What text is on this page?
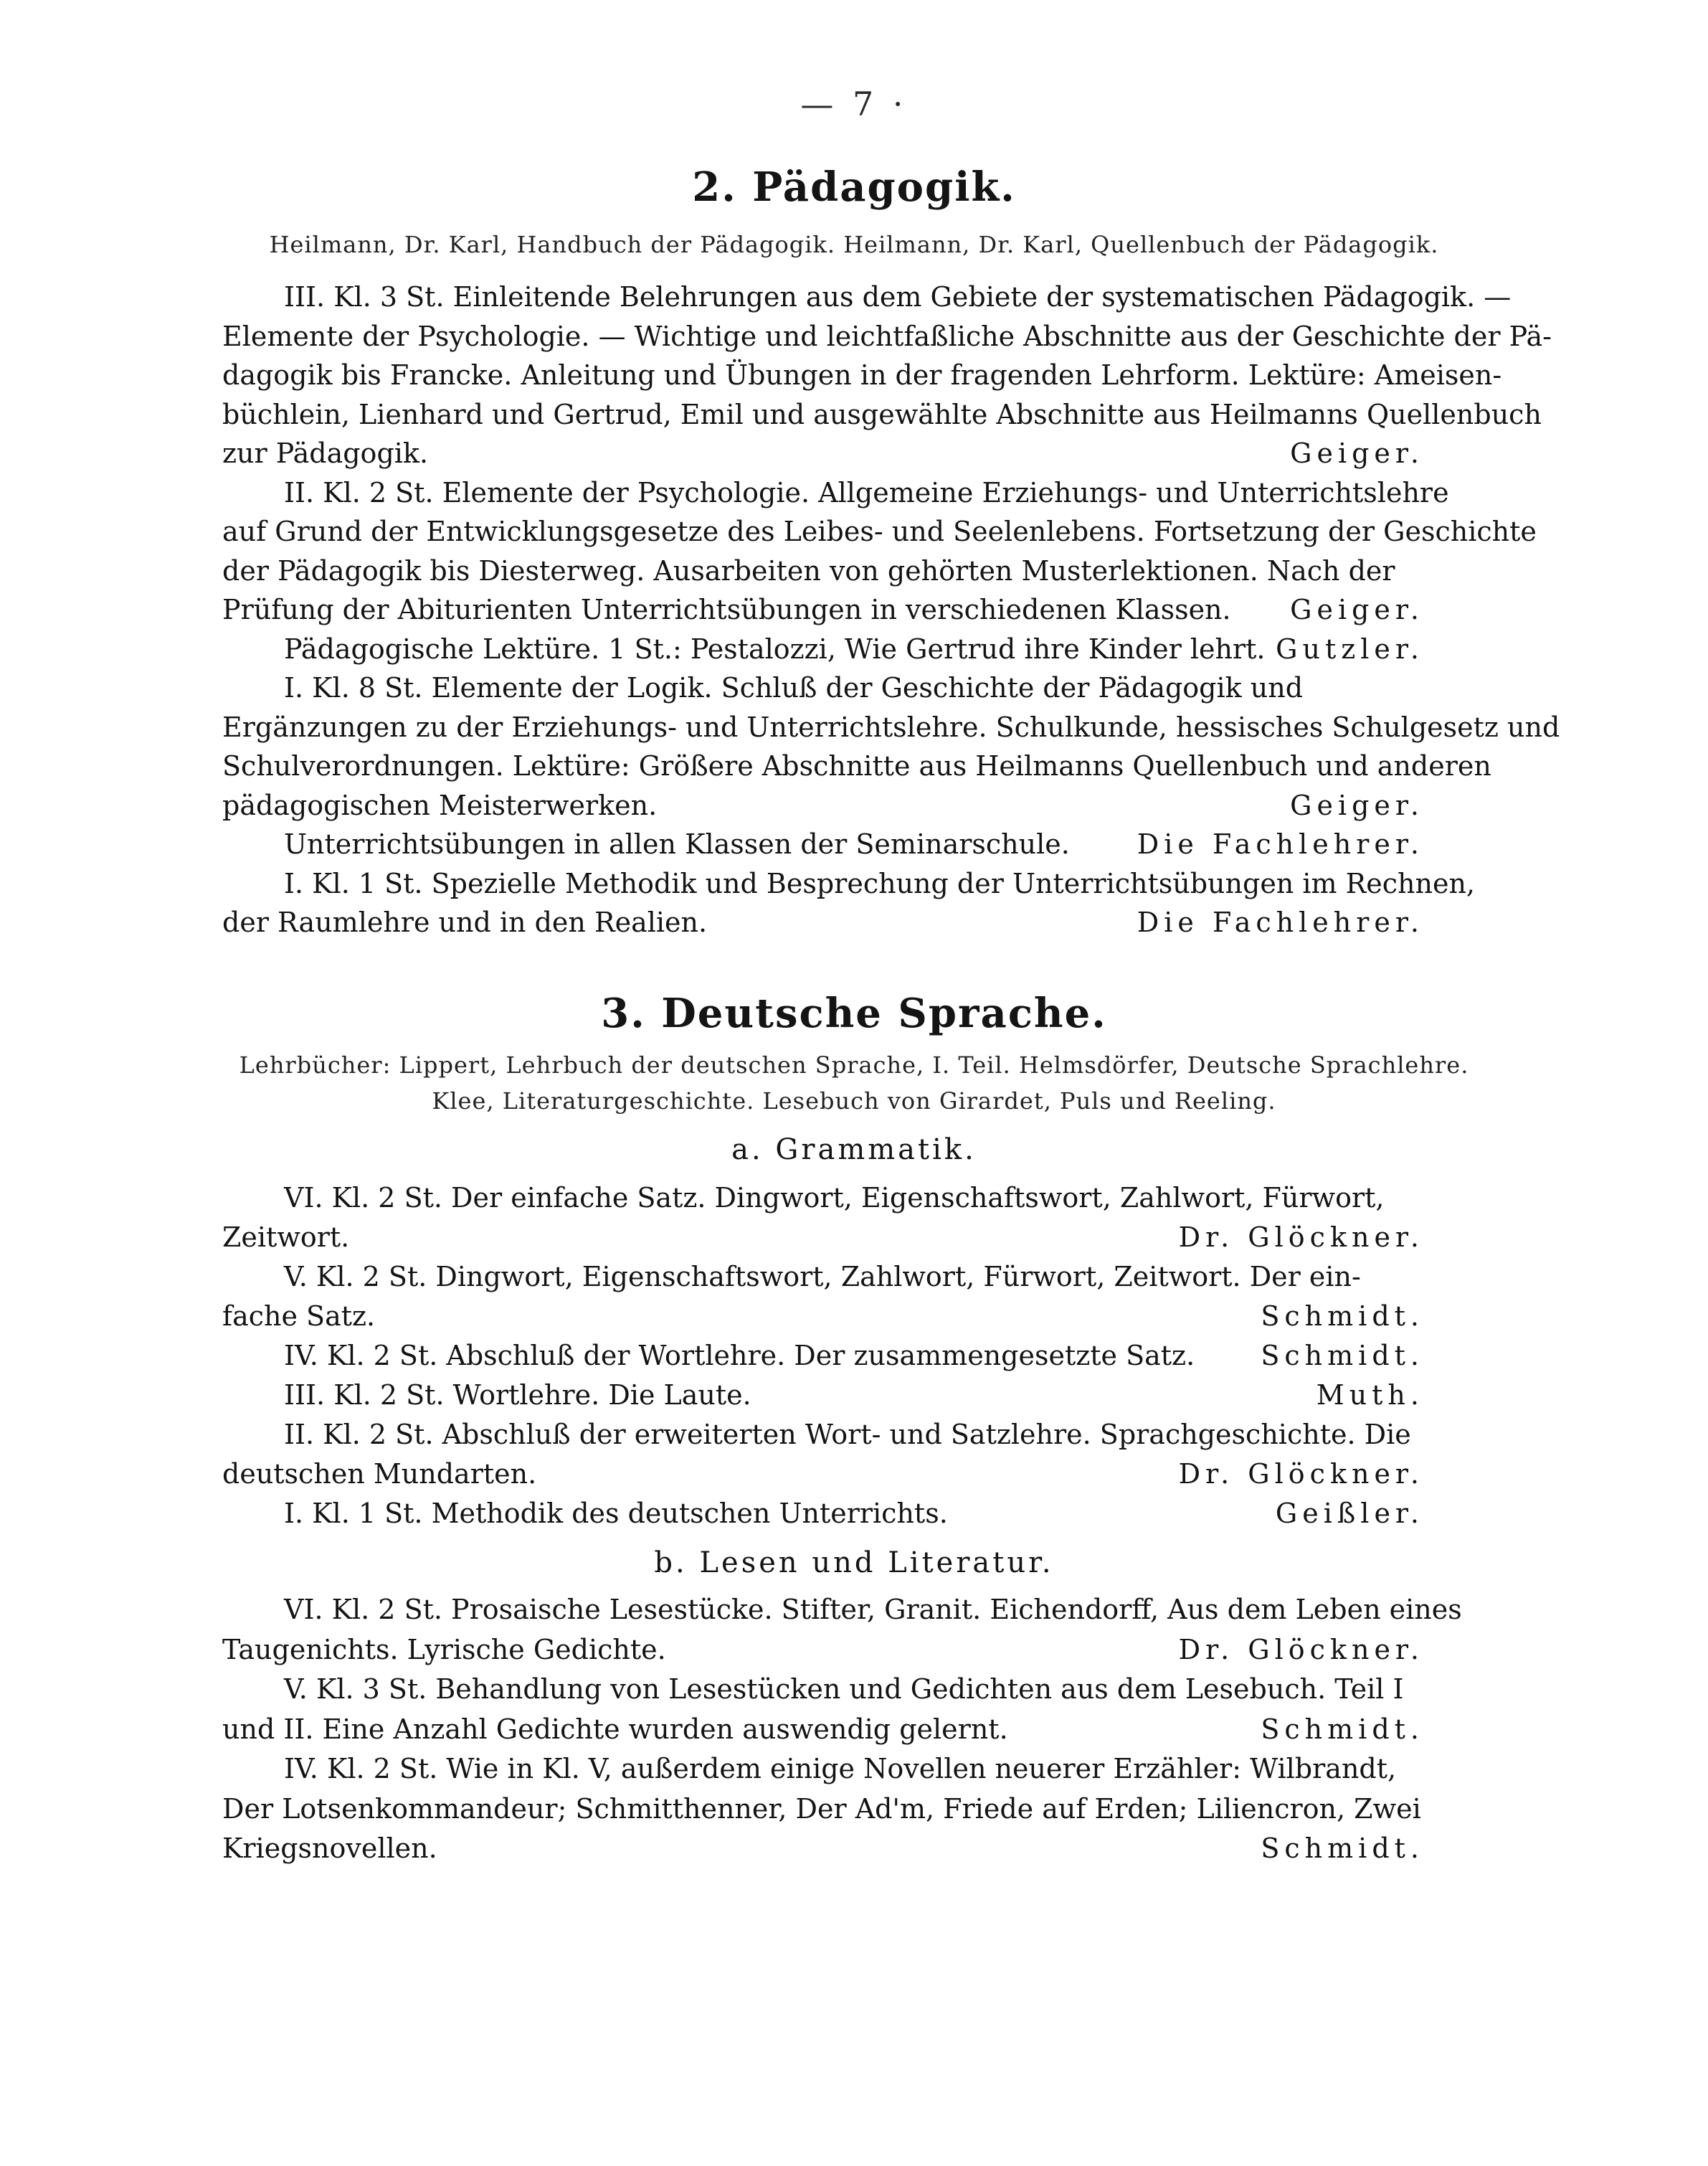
— 7 ·
2. Pädagogik.
Heilmann, Dr. Karl, Handbuch der Pädagogik. Heilmann, Dr. Karl, Quellenbuch der Pädagogik.
III. Kl. 3 St. Einleitende Belehrungen aus dem Gebiete der systematischen Pädagogik. —
Elemente der Psychologie. — Wichtige und leichtfaßliche Abschnitte aus der Geschichte der Pä-
dagogik bis Francke. Anleitung und Übungen in der fragenden Lehrform. Lektüre: Ameisen-
büchlein, Lienhard und Gertrud, Emil und ausgewählte Abschnitte aus Heilmanns Quellenbuch
zur Pädagogik.	Geiger.
II. Kl. 2 St. Elemente der Psychologie. Allgemeine Erziehungs- und Unterrichtslehre
auf Grund der Entwicklungsgesetze des Leibes- und Seelenlebens. Fortsetzung der Geschichte
der Pädagogik bis Diesterweg. Ausarbeiten von gehörten Musterlektionen. Nach der
Prüfung der Abiturienten Unterrichtsübungen in verschiedenen Klassen. Geiger.
Pädagogische Lektüre. 1 St.: Pestalozzi, Wie Gertrud ihre Kinder lehrt. Gutzler.
I. Kl. 8 St. Elemente der Logik. Schluß der Geschichte der Pädagogik und
Ergänzungen zu der Erziehungs- und Unterrichtslehre. Schulkunde, hessisches Schulgesetz und
Schulverordnungen. Lektüre: Größere Abschnitte aus Heilmanns Quellenbuch und anderen
pädagogischen Meisterwerken.	Geiger.
Unterrichtsübungen in allen Klassen der Seminarschule. Die Fachlehrer.
I. Kl. 1 St. Spezielle Methodik und Besprechung der Unterrichtsübungen im Rechnen,
der Raumlehre und in den Realien.	Die Fachlehrer.
3. Deutsche Sprache.
Lehrbücher: Lippert, Lehrbuch der deutschen Sprache, I. Teil. Helmsdörfer, Deutsche Sprachlehre.
Klee, Literaturgeschichte. Lesebuch von Girardet, Puls und Reeling.
a. Grammatik.
VI. Kl. 2 St. Der einfache Satz. Dingwort, Eigenschaftswort, Zahlwort, Fürwort,
Zeitwort.	Dr. Glöckner.
V. Kl. 2 St. Dingwort, Eigenschaftswort, Zahlwort, Fürwort, Zeitwort. Der ein-
fache Satz.	Schmidt.
IV. Kl. 2 St. Abschluß der Wortlehre. Der zusammengesetzte Satz. Schmidt.
III. Kl. 2 St. Wortlehre. Die Laute.	Muth.
II. Kl. 2 St. Abschluß der erweiterten Wort- und Satzlehre. Sprachgeschichte. Die
deutschen Mundarten.	Dr. Glöckner.
I. Kl. 1 St. Methodik des deutschen Unterrichts.	Geißler.
b. Lesen und Literatur.
VI. Kl. 2 St. Prosaische Lesestücke. Stifter, Granit. Eichendorff, Aus dem Leben eines
Taugenichts. Lyrische Gedichte.	Dr. Glöckner.
V. Kl. 3 St. Behandlung von Lesestücken und Gedichten aus dem Lesebuch. Teil I
und II. Eine Anzahl Gedichte wurden auswendig gelernt.	Schmidt.
IV. Kl. 2 St. Wie in Kl. V, außerdem einige Novellen neuerer Erzähler: Wilbrandt,
Der Lotsenkommandeur; Schmitthenner, Der Ad'm, Friede auf Erden; Liliencron, Zwei
Kriegsnovellen.	Schmidt.
